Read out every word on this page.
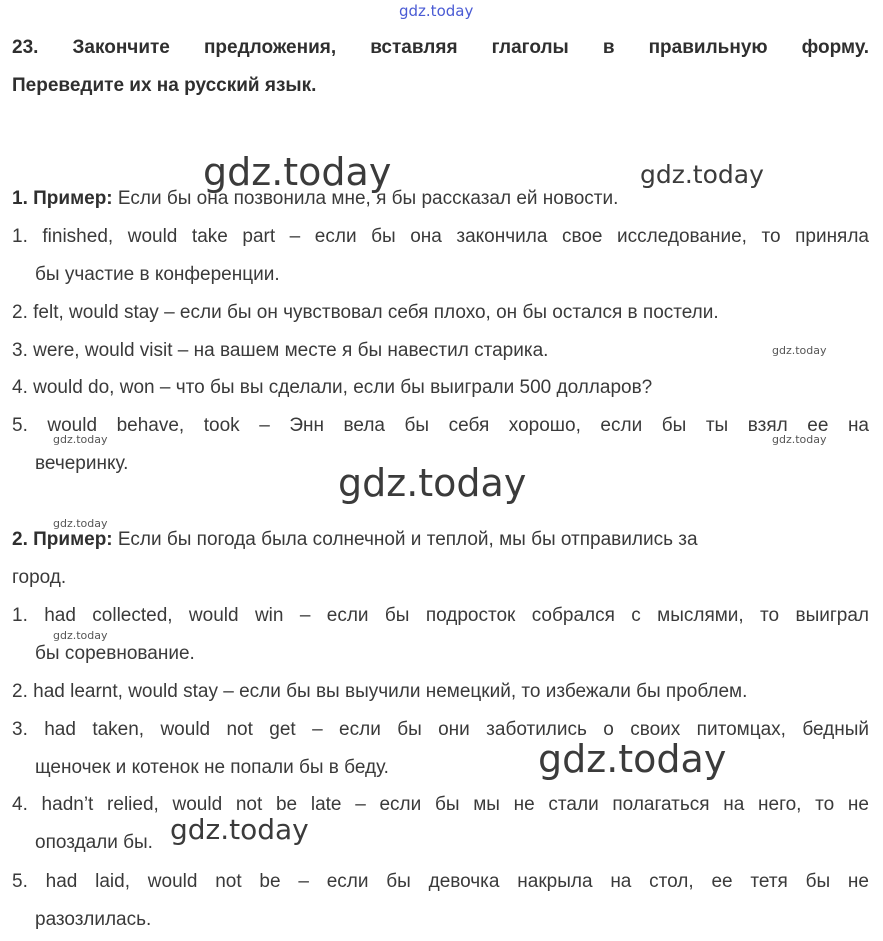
gdz.today
23. Закончите предложения, вставляя глаголы в правильную форму.
Переведите их на русский язык.
1. Пример: Если бы она позвонила мне, я бы рассказал ей новости.
1. finished, would take part – если бы она закончила свое исследование, то приняла
бы участие в конференции.
2. felt, would stay – если бы он чувствовал себя плохо, он бы остался в постели.
3. were, would visit – на вашем месте я бы навестил старика.
4. would do, won – что бы вы сделали, если бы выиграли 500 долларов?
5. would behave, took – Энн вела бы себя хорошо, если бы ты взял ее на
вечеринку.
2. Пример: Если бы погода была солнечной и теплой, мы бы отправились за
город.
1. had collected, would win – если бы подросток собрался с мыслями, то выиграл
бы соревнование.
2. had learnt, would stay – если бы вы выучили немецкий, то избежали бы проблем.
3. had taken, would not get – если бы они заботились о своих питомцах, бедный
щеночек и котенок не попали бы в беду.
4. hadn’t relied, would not be late – если бы мы не стали полагаться на него, то не
опоздали бы.
5. had laid, would not be – если бы девочка накрыла на стол, ее тетя бы не
разозлилась.
gdz.today	gdz.today
gdz.today
gdz.today	gdz.today
gdz.today
gdz.today
gdz.today
gdz.today
gdz.today
